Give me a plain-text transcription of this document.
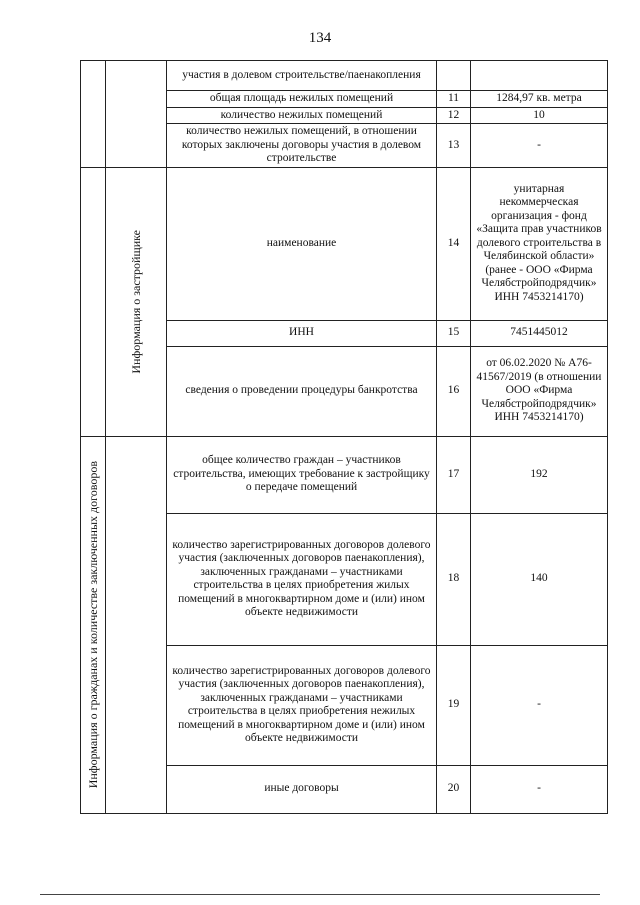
134
		участия в долевом строительстве/паенакопления		
		общая площадь нежилых помещений	11	1284,97 кв. метра
		количество нежилых помещений	12	10
		количество нежилых помещений, в отношении которых заключены договоры участия в долевом строительстве	13	-

	Информация о застройщике	наименование	14	унитарная некоммерческая организация - фонд «Защита прав участников долевого строительства в Челябинской области» (ранее - ООО «Фирма Челябстройподрядчик» ИНН 7453214170)
		ИНН	15	7451445012
		сведения о проведении процедуры банкротства	16	от 06.02.2020 № А76-41567/2019 (в отношении ООО «Фирма Челябстройподрядчик» ИНН 7453214170)

Информация о гражданах и количестве заключенных договоров		общее количество граждан – участников строительства, имеющих требование к застройщику о передаче помещений	17	192
		количество зарегистрированных договоров долевого участия (заключенных договоров паенакопления), заключенных гражданами – участниками строительства в целях приобретения жилых помещений в многоквартирном доме и (или) ином объекте недвижимости	18	140
		количество зарегистрированных договоров долевого участия (заключенных договоров паенакопления), заключенных гражданами – участниками строительства в целях приобретения нежилых помещений в многоквартирном доме и (или) ином объекте недвижимости	19	-
		иные договоры	20	-
